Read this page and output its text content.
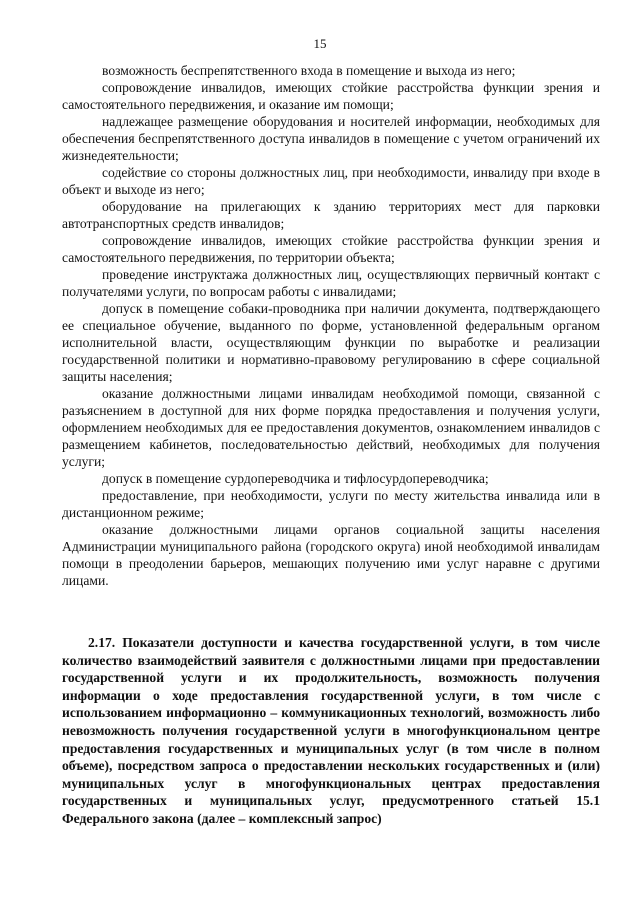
15

возможность беспрепятственного входа в помещение и выхода из него;

сопровождение инвалидов, имеющих стойкие расстройства функции зрения и самостоятельного передвижения, и оказание им помощи;

надлежащее размещение оборудования и носителей информации, необходимых для обеспечения беспрепятственного доступа инвалидов в помещение с учетом ограничений их жизнедеятельности;

содействие со стороны должностных лиц, при необходимости, инвалиду при входе в объект и выходе из него;

оборудование на прилегающих к зданию территориях мест для парковки автотранспортных средств инвалидов;

сопровождение инвалидов, имеющих стойкие расстройства функции зрения и самостоятельного передвижения, по территории объекта;

проведение инструктажа должностных лиц, осуществляющих первичный контакт с получателями услуги, по вопросам работы с инвалидами;

допуск в помещение собаки-проводника при наличии документа, подтверждающего ее специальное обучение, выданного по форме, установленной федеральным органом исполнительной власти, осуществляющим функции по выработке и реализации государственной политики и нормативно-правовому регулированию в сфере социальной защиты населения;

оказание должностными лицами инвалидам необходимой помощи, связанной с разъяснением в доступной для них форме порядка предоставления и получения услуги, оформлением необходимых для ее предоставления документов, ознакомлением инвалидов с размещением кабинетов, последовательностью действий, необходимых для получения услуги;

допуск в помещение сурдопереводчика и тифлосурдопереводчика;

предоставление, при необходимости, услуги по месту жительства инвалида или в дистанционном режиме;

оказание должностными лицами органов социальной защиты населения Администрации муниципального района (городского округа) иной необходимой инвалидам помощи в преодолении барьеров, мешающих получению ими услуг наравне с другими лицами.

2.17. Показатели доступности и качества государственной услуги, в том числе количество взаимодействий заявителя с должностными лицами при предоставлении государственной услуги и их продолжительность, возможность получения информации о ходе предоставления государственной услуги, в том числе с использованием информационно – коммуникационных технологий, возможность либо невозможность получения государственной услуги в многофункциональном центре предоставления государственных и муниципальных услуг (в том числе в полном объеме), посредством запроса о предоставлении нескольких государственных и (или) муниципальных услуг в многофункциональных центрах предоставления государственных и муниципальных услуг, предусмотренного статьей 15.1 Федерального закона (далее – комплексный запрос)
